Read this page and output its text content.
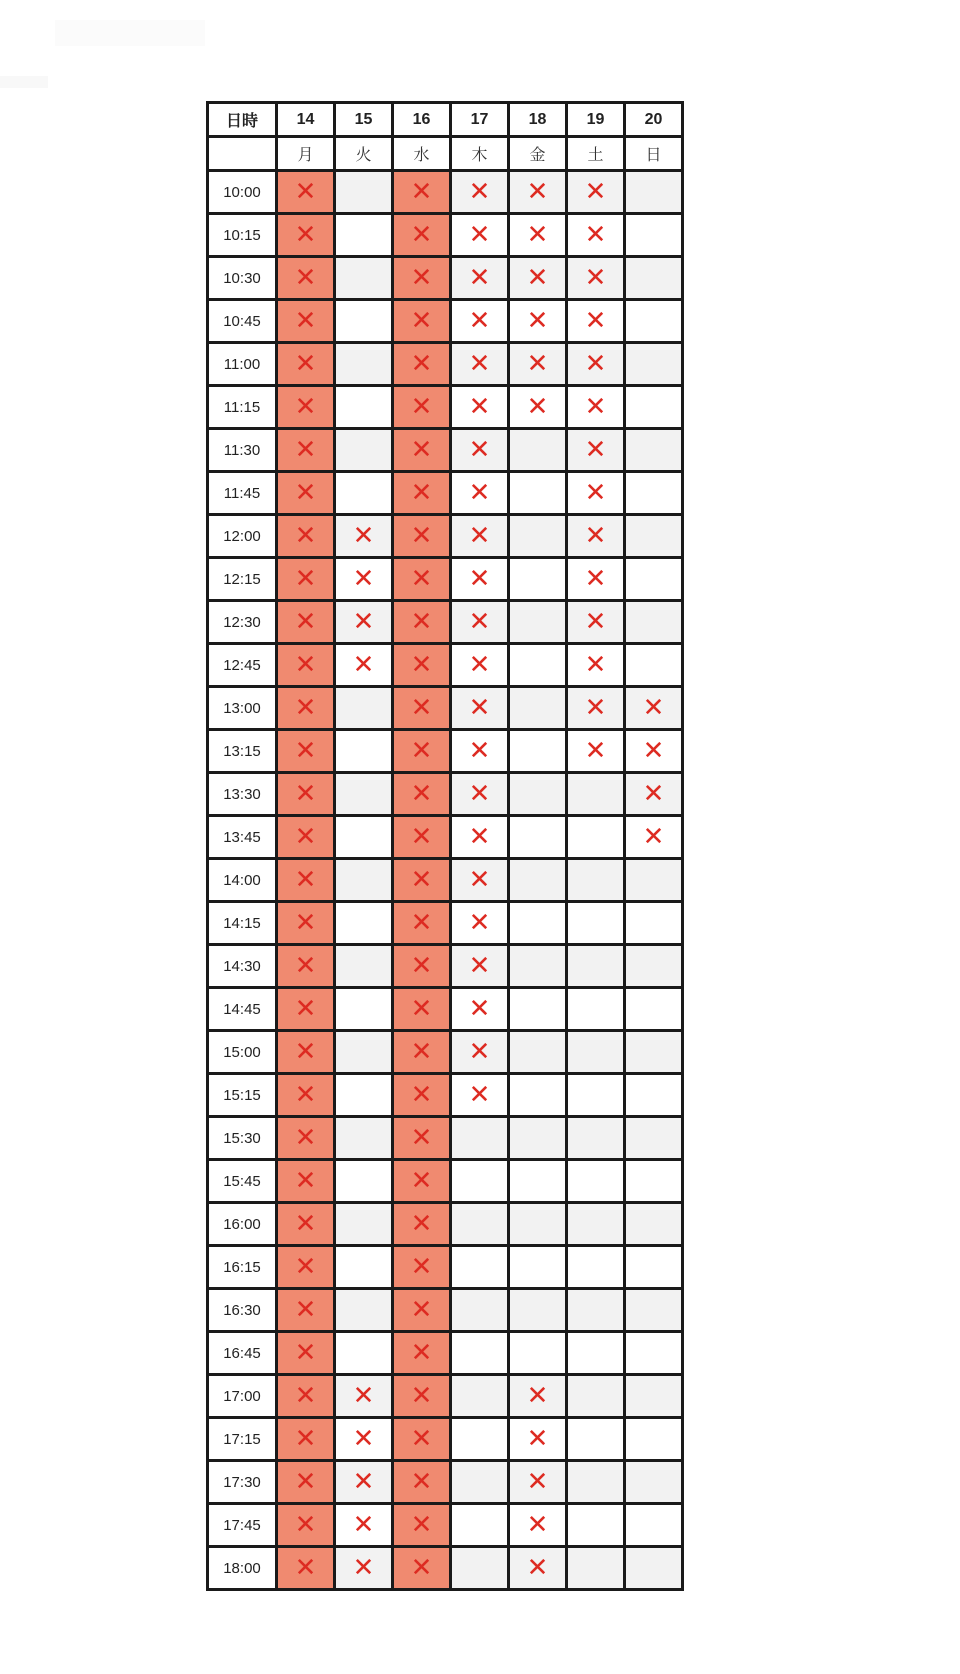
日時	14	15	16	17	18	19	20
	月	火	水	木	金	土	日
10:00	✕		✕	✕	✕	✕	
10:15	✕		✕	✕	✕	✕	
10:30	✕		✕	✕	✕	✕	
10:45	✕		✕	✕	✕	✕	
11:00	✕		✕	✕	✕	✕	
11:15	✕		✕	✕	✕	✕	
11:30	✕		✕	✕		✕	
11:45	✕		✕	✕		✕	
12:00	✕	✕	✕	✕		✕	
12:15	✕	✕	✕	✕		✕	
12:30	✕	✕	✕	✕		✕	
12:45	✕	✕	✕	✕		✕	
13:00	✕		✕	✕		✕	✕
13:15	✕		✕	✕		✕	✕
13:30	✕		✕	✕			✕
13:45	✕		✕	✕			✕
14:00	✕		✕	✕			
14:15	✕		✕	✕			
14:30	✕		✕	✕			
14:45	✕		✕	✕			
15:00	✕		✕	✕			
15:15	✕		✕	✕			
15:30	✕		✕				
15:45	✕		✕				
16:00	✕		✕				
16:15	✕		✕				
16:30	✕		✕				
16:45	✕		✕				
17:00	✕	✕	✕		✕		
17:15	✕	✕	✕		✕		
17:30	✕	✕	✕		✕		
17:45	✕	✕	✕		✕		
18:00	✕	✕	✕		✕		
